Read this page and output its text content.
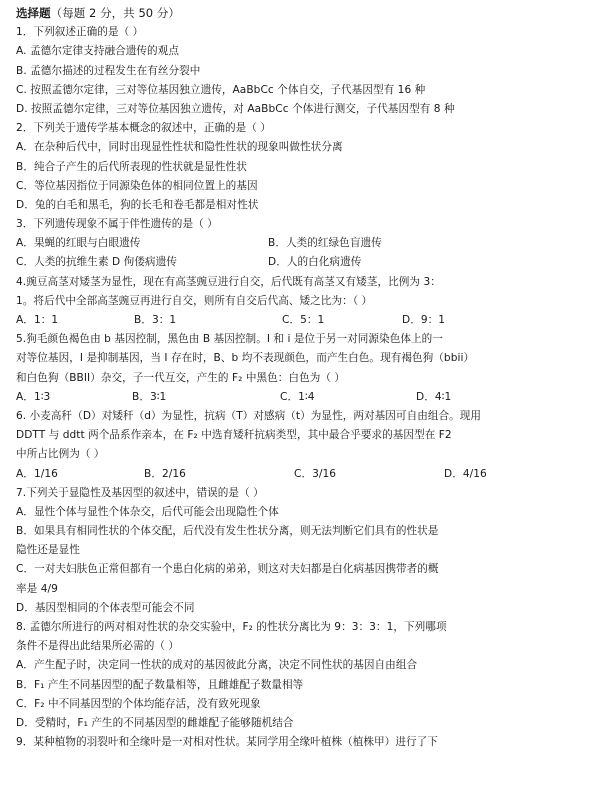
选择题（每题 2 分，共 50 分）
1．下列叙述正确的是（ ）
A. 孟德尔定律支持融合遗传的观点
B. 孟德尔描述的过程发生在有丝分裂中
C. 按照孟德尔定律，三对等位基因独立遗传，AaBbCc 个体自交，子代基因型有 16 种
D. 按照孟德尔定律，三对等位基因独立遗传，对 AaBbCc 个体进行测交，子代基因型有 8 种
2．下列关于遗传学基本概念的叙述中，正确的是（ ）
A．在杂种后代中，同时出现显性性状和隐性性状的现象叫做性状分离
B．纯合子产生的后代所表现的性状就是显性性状
C．等位基因指位于同源染色体的相同位置上的基因
D．兔的白毛和黑毛，狗的长毛和卷毛都是相对性状
3．下列遗传现象不属于伴性遗传的是（ ）
A．果蝇的红眼与白眼遗传	B．人类的红绿色盲遗传
C．人类的抗维生素 D 佝偻病遗传	D．人的白化病遗传
4.豌豆高茎对矮茎为显性，现在有高茎豌豆进行自交，后代既有高茎又有矮茎，比例为 3：
1。将后代中全部高茎豌豆再进行自交，则所有自交后代高、矮之比为：（ ）
A．1：1	B．3：1	C．5：1	D．9：1
5.狗毛颜色褐色由 b 基因控制，黑色由 B 基因控制。I 和 i 是位于另一对同源染色体上的一
对等位基因，I 是抑制基因，当 I 存在时，B、b 均不表现颜色，而产生白色。现有褐色狗（bbii）
和白色狗（BBII）杂交，子一代互交，产生的 F₂ 中黑色：白色为（ ）
A．1∶3	B．3∶1	C．1∶4	D．4∶1
6. 小麦高秆（D）对矮秆（d）为显性，抗病（T）对感病（t）为显性，两对基因可自由组合。现用
DDTT 与 ddtt 两个品系作亲本，在 F₂ 中选育矮秆抗病类型，其中最合乎要求的基因型在 F2
中所占比例为（ ）
A．1/16	B．2/16	C．3/16	D．4/16
7.下列关于显隐性及基因型的叙述中，错误的是（ ）
A．显性个体与显性个体杂交，后代可能会出现隐性个体
B．如果具有相同性状的个体交配，后代没有发生性状分离，则无法判断它们具有的性状是
隐性还是显性
C．一对夫妇肤色正常但都有一个患白化病的弟弟，则这对夫妇都是白化病基因携带者的概
率是 4/9
D．基因型相同的个体表型可能会不同
8. 孟德尔所进行的两对相对性状的杂交实验中，F₂ 的性状分离比为 9：3：3：1，下列哪项
条件不是得出此结果所必需的（ ）
A．产生配子时，决定同一性状的成对的基因彼此分离，决定不同性状的基因自由组合
B．F₁ 产生不同基因型的配子数量相等，且雌雄配子数量相等
C．F₂ 中不同基因型的个体均能存活，没有致死现象
D．受精时，F₁ 产生的不同基因型的雌雄配子能够随机结合
9．某种植物的羽裂叶和全缘叶是一对相对性状。某同学用全缘叶植株（植株甲）进行了下
